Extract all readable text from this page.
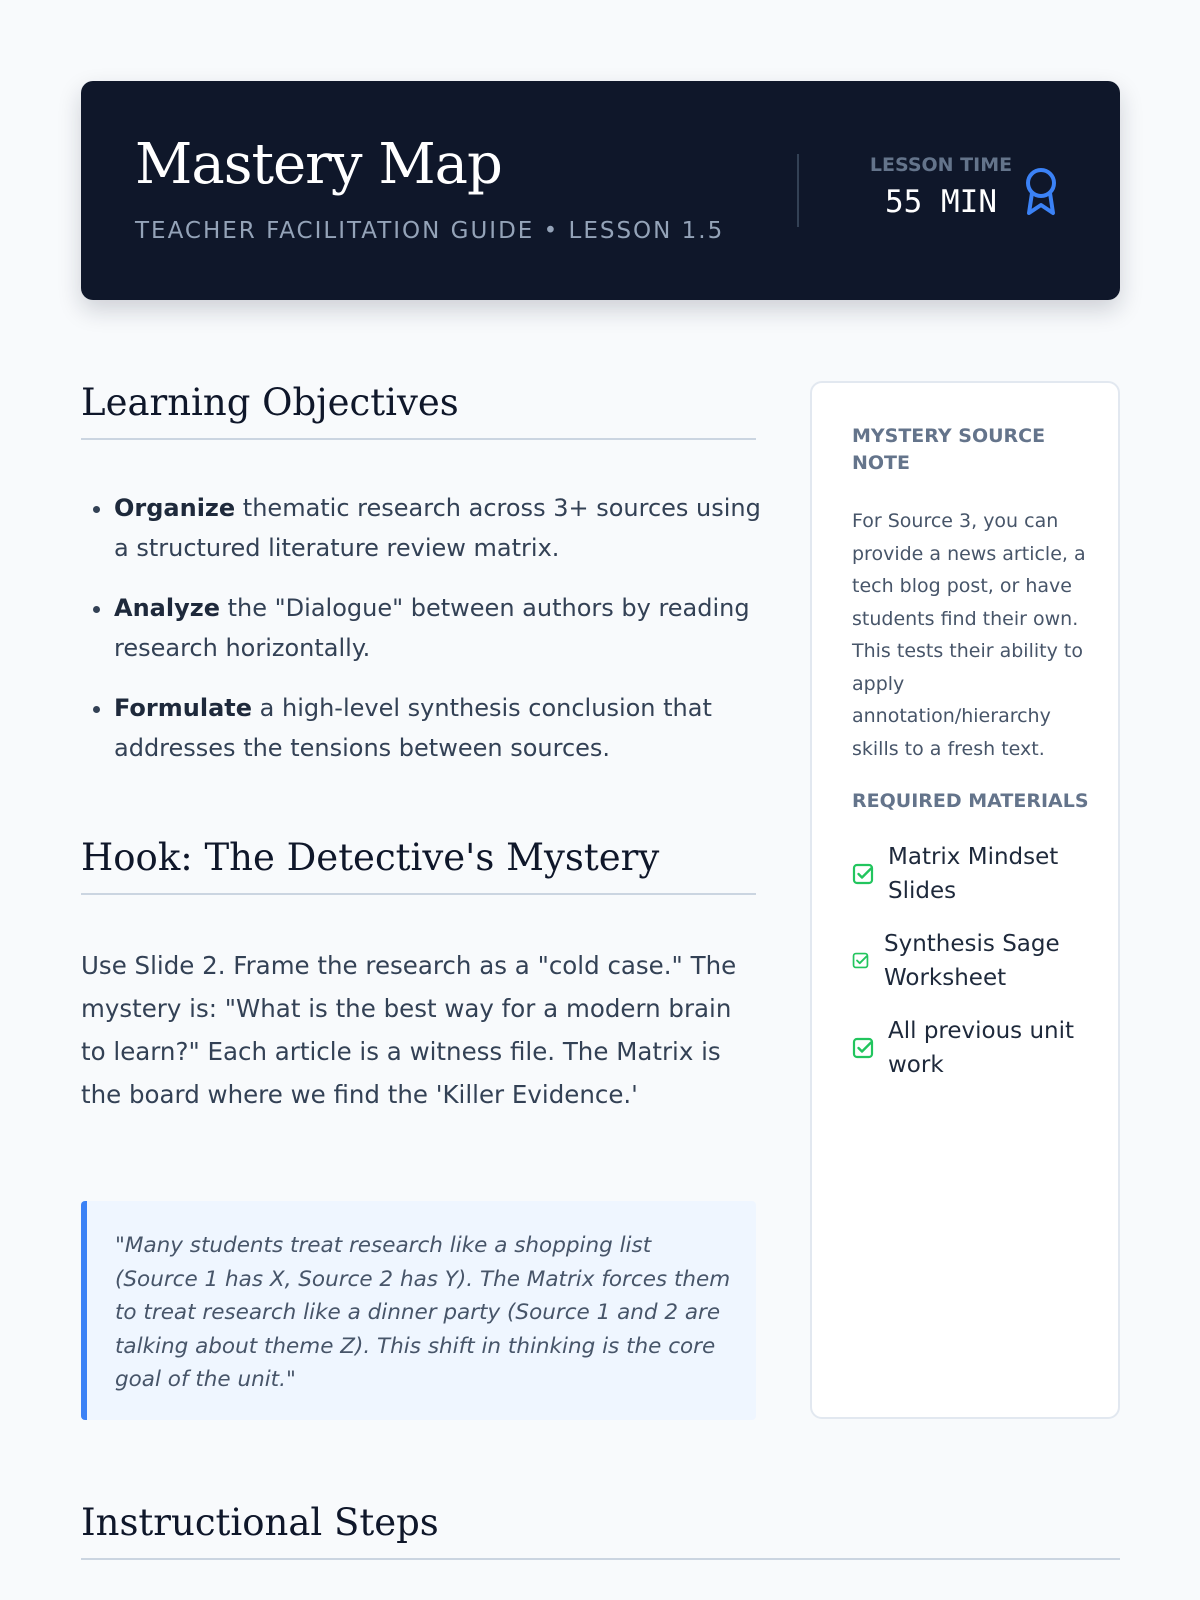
Mastery Map
TEACHER FACILITATION GUIDE • LESSON 1.5
LESSON TIME
55 MIN
Learning Objectives
• Organize thematic research across 3+ sources using a structured literature review matrix.
• Analyze the "Dialogue" between authors by reading research horizontally.
• Formulate a high-level synthesis conclusion that addresses the tensions between sources.
Hook: The Detective's Mystery

Use Slide 2. Frame the research as a "cold case." The mystery is: "What is the best way for a modern brain to learn?" Each article is a witness file. The Matrix is the board where we find the 'Killer Evidence.'

"Many students treat research like a shopping list (Source 1 has X, Source 2 has Y). The Matrix forces them to treat research like a dinner party (Source 1 and 2 are talking about theme Z). This shift in thinking is the core goal of the unit."
MYSTERY SOURCE NOTE

For Source 3, you can provide a news article, a tech blog post, or have students find their own. This tests their ability to apply annotation/hierarchy skills to a fresh text.

REQUIRED MATERIALS
Matrix Mindset Slides
Synthesis Sage Worksheet
All previous unit work
Instructional Steps
